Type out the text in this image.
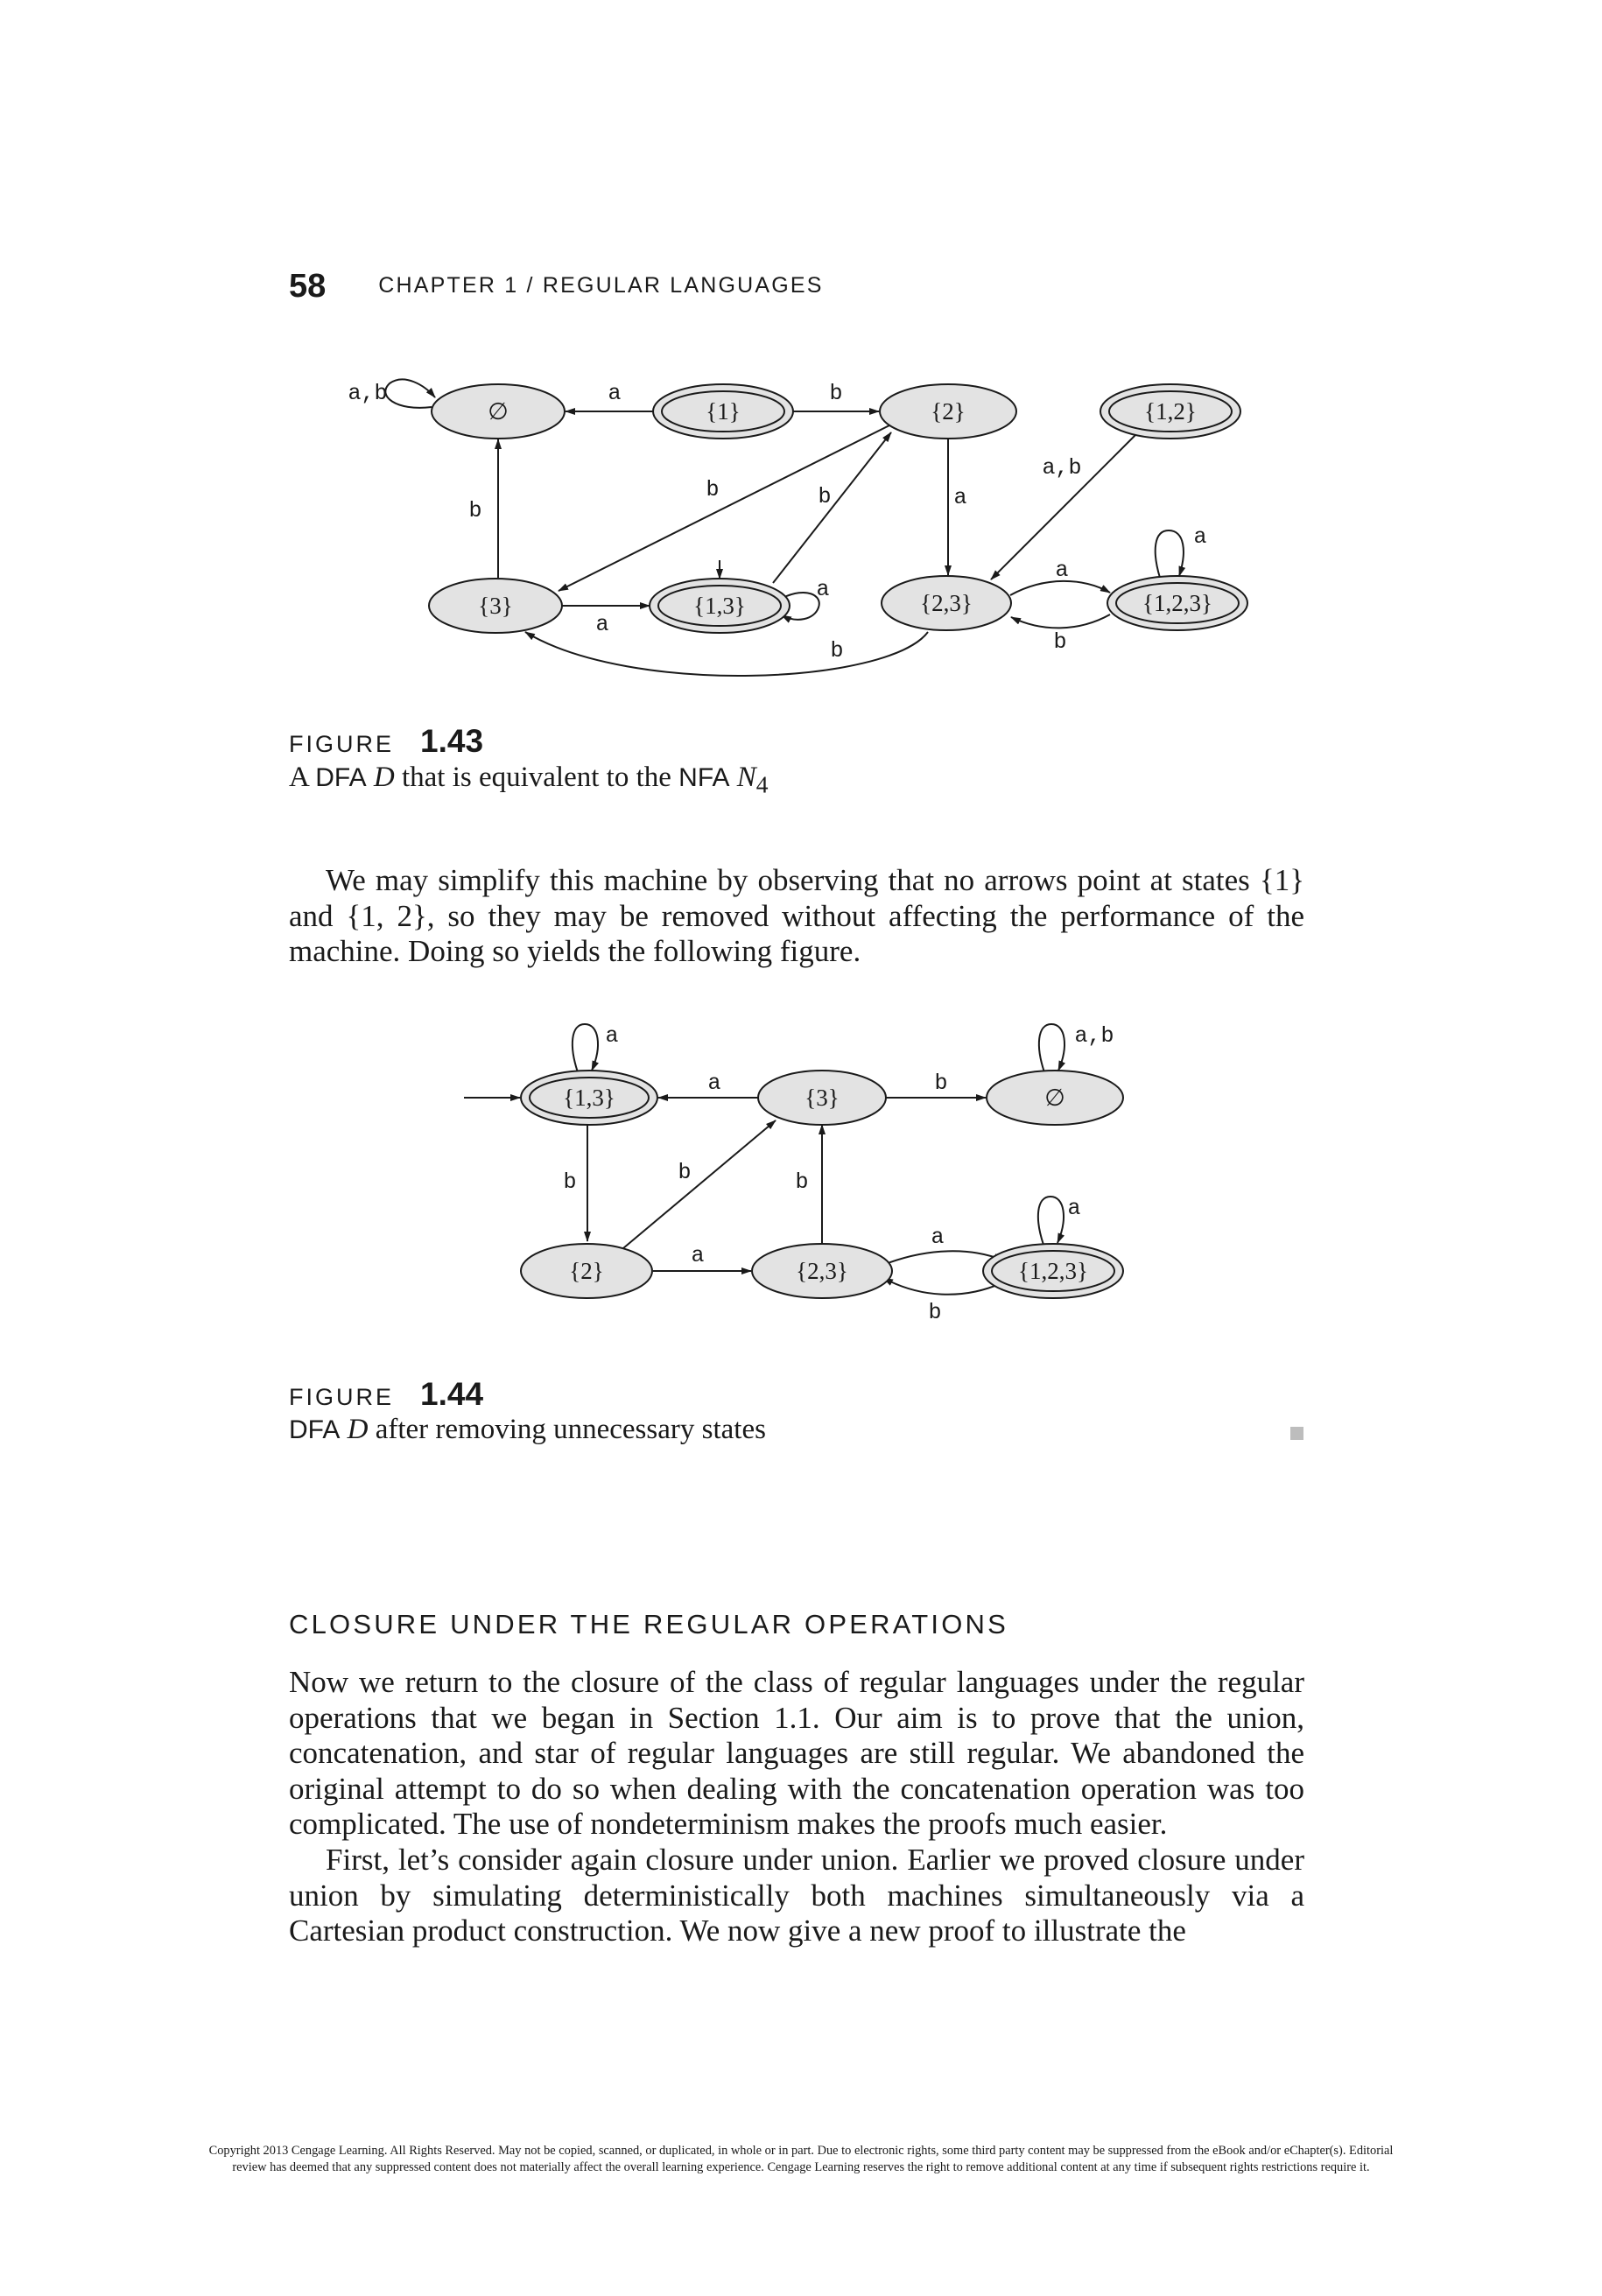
58 CHAPTER 1 / REGULAR LANGUAGES
∅	{1}	{2}	{1,2}
{3}	{1,3}	{2,3}	{1,2,3}
a,b	a	b
b
b	b	a
a,b
a
a
a
a
b
b
FIGURE 1.43
A DFA D that is equivalent to the NFA $N_4$

We may simplify this machine by observing that no arrows point at states {1} and {1, 2}, so they may be removed without affecting the performance of the machine. Doing so yields the following figure.

{1,3}	{3}	∅
{2}	{2,3}	{1,2,3}
a
a	b
a,b
b	b	b
a
a
a
b
FIGURE 1.44
DFA D after removing unnecessary states
CLOSURE UNDER THE REGULAR OPERATIONS

Now we return to the closure of the class of regular languages under the regular operations that we began in Section 1.1. Our aim is to prove that the union, concatenation, and star of regular languages are still regular. We abandoned the original attempt to do so when dealing with the concatenation operation was too complicated. The use of nondeterminism makes the proofs much easier.

First, let’s consider again closure under union. Earlier we proved closure under union by simulating deterministically both machines simultaneously via a Cartesian product construction. We now give a new proof to illustrate the

Copyright 2013 Cengage Learning. All Rights Reserved. May not be copied, scanned, or duplicated, in whole or in part. Due to electronic rights, some third party content may be suppressed from the eBook and/or eChapter(s). Editorial review has deemed that any suppressed content does not materially affect the overall learning experience. Cengage Learning reserves the right to remove additional content at any time if subsequent rights restrictions require it.
